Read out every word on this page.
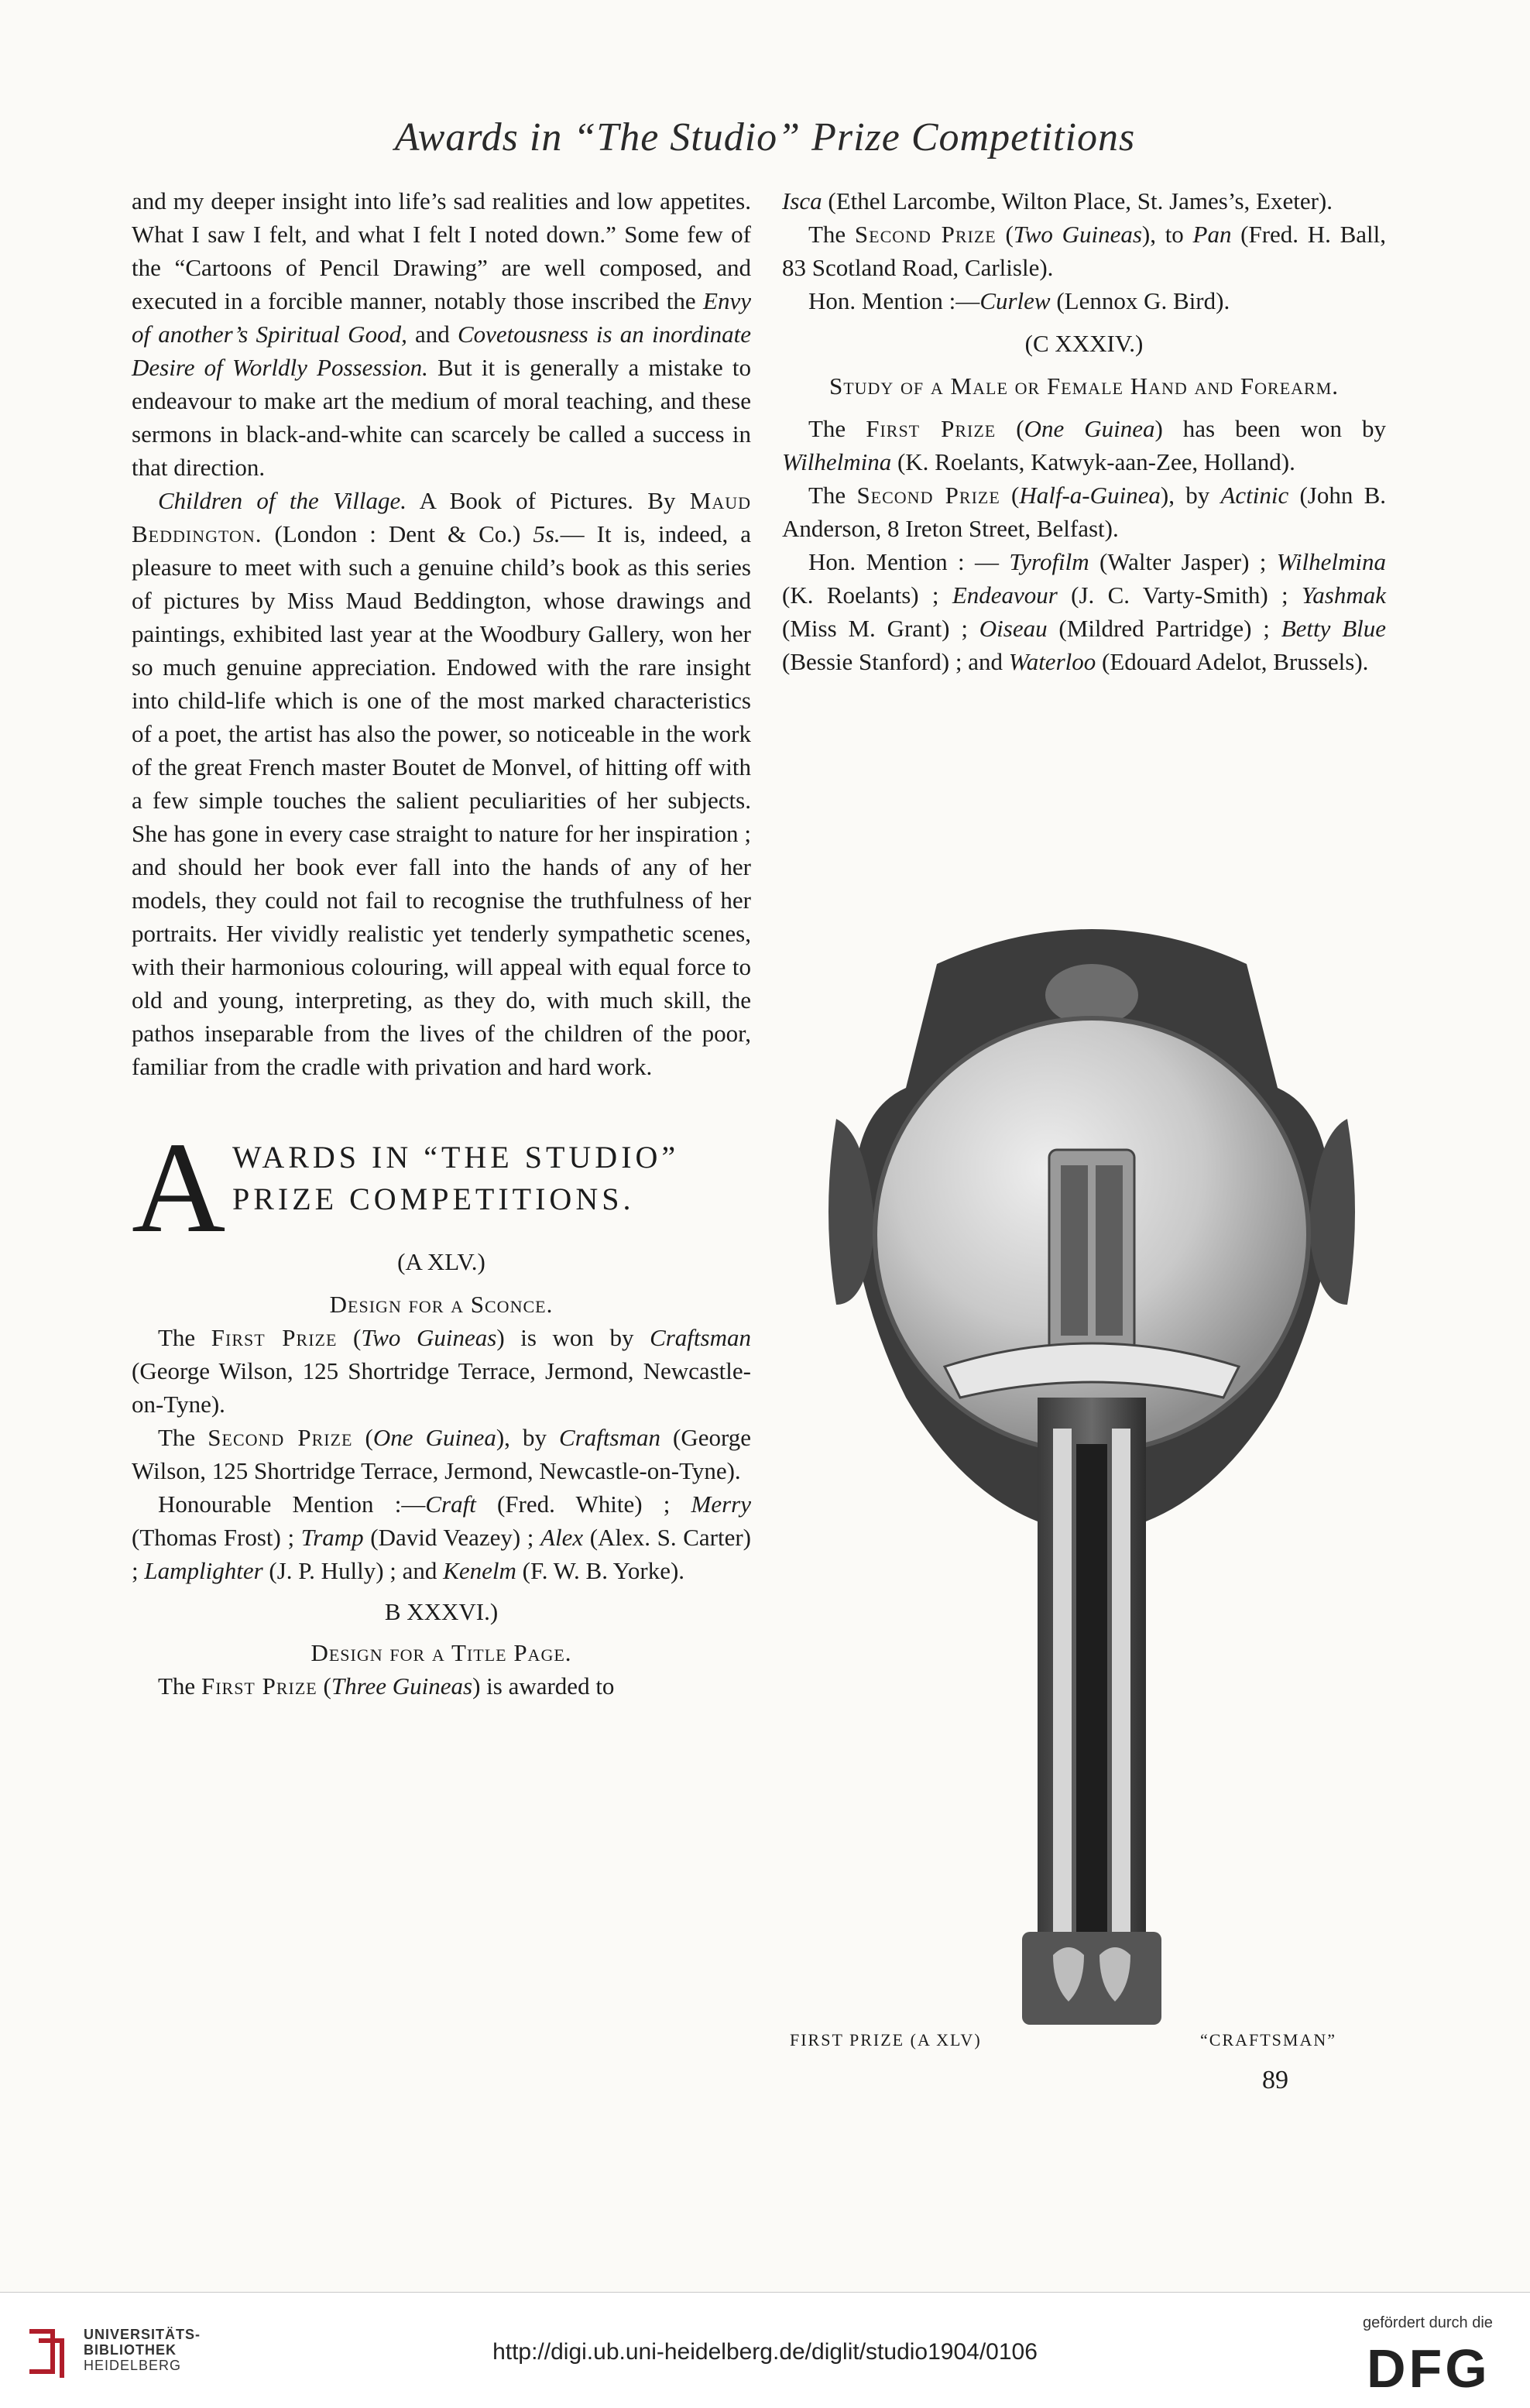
Awards in “The Studio” Prize Competitions

and my deeper insight into life’s sad realities and low appetites. What I saw I felt, and what I felt I noted down.” Some few of the “Cartoons of Pencil Drawing” are well composed, and executed in a forcible manner, notably those inscribed the Envy of another’s Spiritual Good, and Covetousness is an inordinate Desire of Worldly Possession. But it is generally a mistake to endeavour to make art the medium of moral teaching, and these sermons in black-and-white can scarcely be called a success in that direction.

Children of the Village. A Book of Pictures. By Maud Beddington. (London : Dent & Co.) 5s.— It is, indeed, a pleasure to meet with such a genuine child’s book as this series of pictures by Miss Maud Beddington, whose drawings and paintings, exhibited last year at the Woodbury Gallery, won her so much genuine appreciation. Endowed with the rare insight into child-life which is one of the most marked characteristics of a poet, the artist has also the power, so noticeable in the work of the great French master Boutet de Monvel, of hitting off with a few simple touches the salient peculiarities of her subjects. She has gone in every case straight to nature for her inspiration ; and should her book ever fall into the hands of any of her models, they could not fail to recognise the truthfulness of her portraits. Her vividly realistic yet tenderly sympathetic scenes, with their harmonious colouring, will appeal with equal force to old and young, interpreting, as they do, with much skill, the pathos inseparable from the lives of the children of the poor, familiar from the cradle with privation and hard work.

A WARDS IN “THE STUDIO”
PRIZE COMPETITIONS.

(A XLV.)

Design for a Sconce.

The First Prize (Two Guineas) is won by Craftsman (George Wilson, 125 Shortridge Terrace, Jermond, Newcastle-on-Tyne).

The Second Prize (One Guinea), by Craftsman (George Wilson, 125 Shortridge Terrace, Jermond, Newcastle-on-Tyne).

Honourable Mention :—Craft (Fred. White) ; Merry (Thomas Frost) ; Tramp (David Veazey) ; Alex (Alex. S. Carter) ; Lamplighter (J. P. Hully) ; and Kenelm (F. W. B. Yorke).

B XXXVI.)

Design for a Title Page.

The First Prize (Three Guineas) is awarded to

Isca (Ethel Larcombe, Wilton Place, St. James’s, Exeter).

The Second Prize (Two Guineas), to Pan (Fred. H. Ball, 83 Scotland Road, Carlisle).

Hon. Mention :—Curlew (Lennox G. Bird).

(C XXXIV.)

Study of a Male or Female Hand and Forearm.

The First Prize (One Guinea) has been won by Wilhelmina (K. Roelants, Katwyk-aan-Zee, Holland).

The Second Prize (Half-a-Guinea), by Actinic (John B. Anderson, 8 Ireton Street, Belfast).

Hon. Mention : — Tyrofilm (Walter Jasper) ; Wilhelmina (K. Roelants) ; Endeavour (J. C. Varty-Smith) ; Yashmak (Miss M. Grant) ; Oiseau (Mildred Partridge) ; Betty Blue (Bessie Stanford) ; and Waterloo (Edouard Adelot, Brussels).

FIRST PRIZE (A XLV)	“CRAFTSMAN”
89
UNIVERSITÄTS-
BIBLIOTHEK
HEIDELBERG
http://digi.ub.uni-heidelberg.de/diglit/studio1904/0106
gefördert durch die
DFG
